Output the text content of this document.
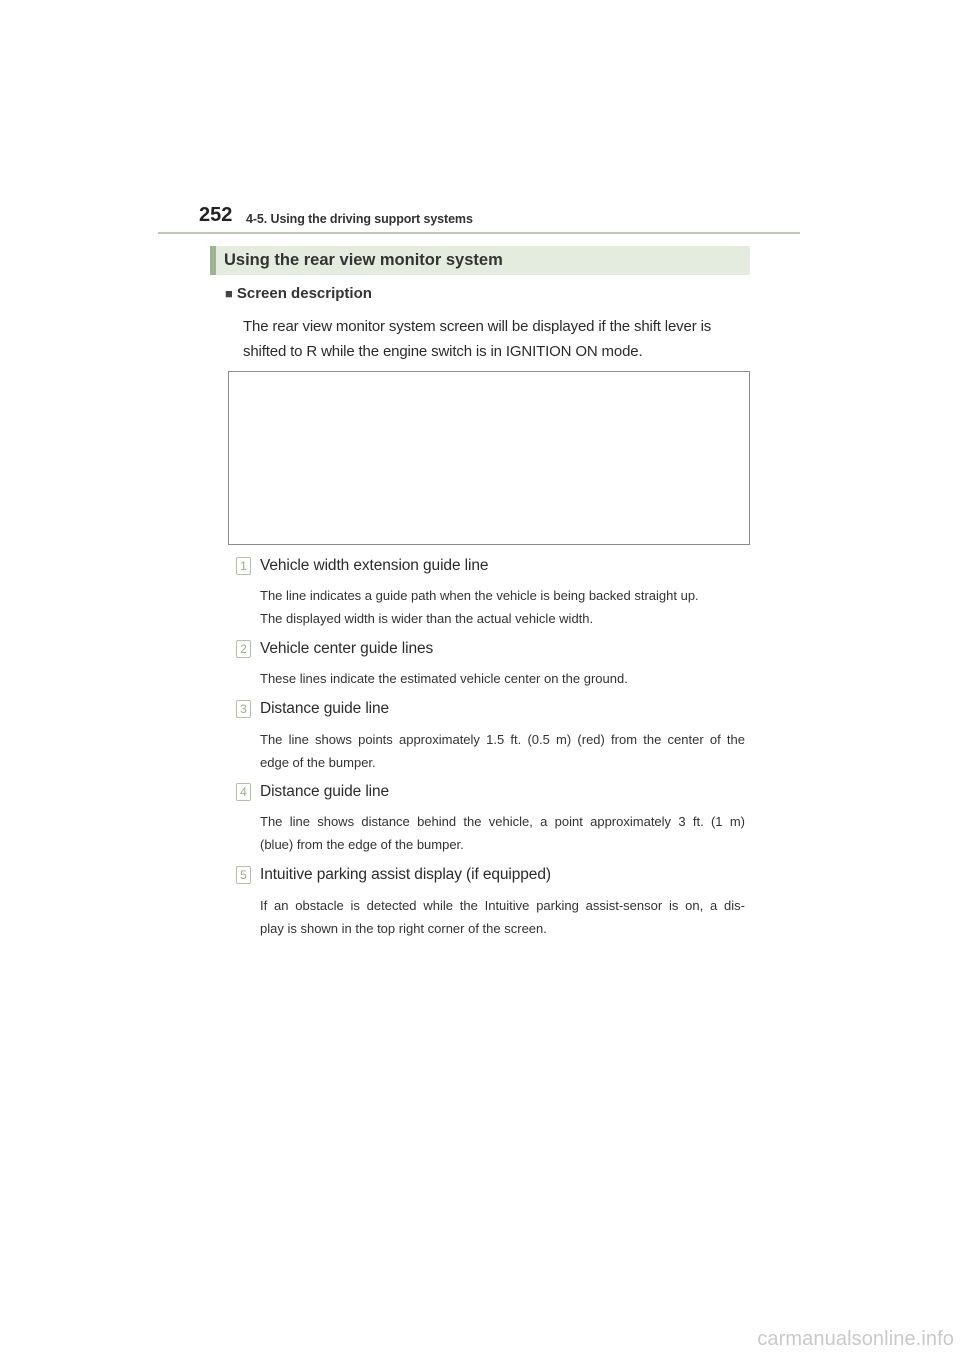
252 4-5. Using the driving support systems
Using the rear view monitor system
■ Screen description
The rear view monitor system screen will be displayed if the shift lever is
shifted to R while the engine switch is in IGNITION ON mode.
1 Vehicle width extension guide line
The line indicates a guide path when the vehicle is being backed straight up.
The displayed width is wider than the actual vehicle width.
2 Vehicle center guide lines
These lines indicate the estimated vehicle center on the ground.
3 Distance guide line
The line shows points approximately 1.5 ft. (0.5 m) (red) from the center of the
edge of the bumper.
4 Distance guide line
The line shows distance behind the vehicle, a point approximately 3 ft. (1 m)
(blue) from the edge of the bumper.
5 Intuitive parking assist display (if equipped)
If an obstacle is detected while the Intuitive parking assist-sensor is on, a dis-
play is shown in the top right corner of the screen.
carmanualsonline.info
